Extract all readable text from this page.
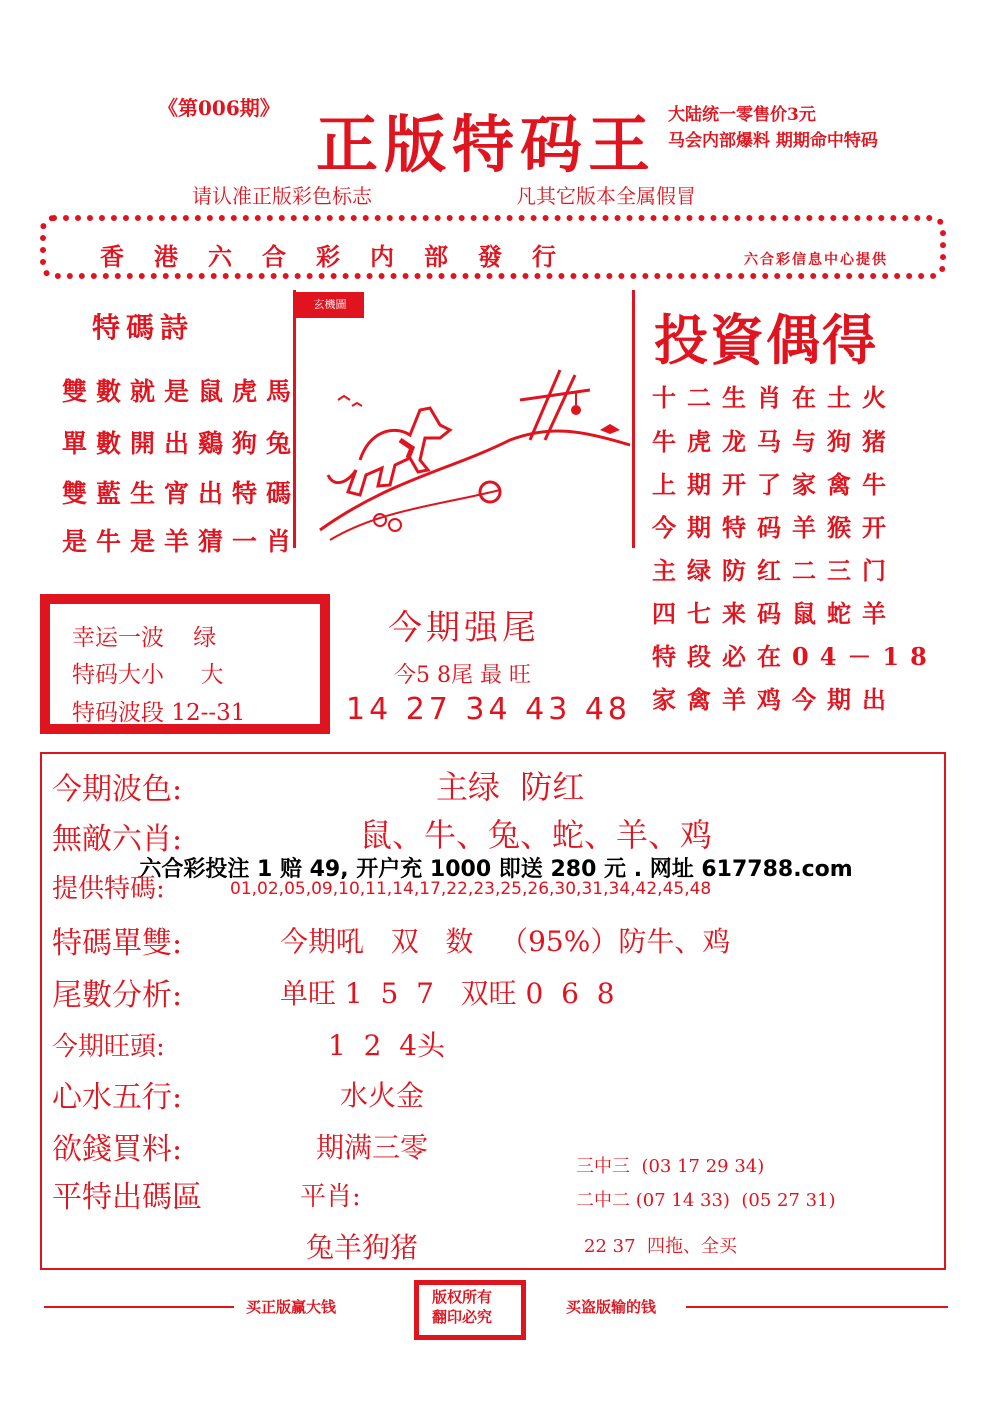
《第006期》 正版特码王 大陆统一零售价3元
马会内部爆料 期期命中特码
请认准正版彩色标志	凡其它版本全属假冒
香港六合彩内部發行	六合彩信息中心提供
特碼詩
雙數就是鼠虎馬
單數開出鷄狗兔
雙藍生宵出特碼
是牛是羊猜一肖
玄機圖
投資偶得
十二生肖在土火
牛虎龙马与狗猪
上期开了家禽牛
今期特码羊猴开
主绿防红二三门
四七来码鼠蛇羊
特段必在04－18
家禽羊鸡今期出
幸运一波    绿
特码大小     大
特码波段 12--31
今期强尾
今5 8尾 最 旺
14 27 34 43 48
今期波色:	主绿  防红
無敵六肖:	鼠、牛、兔、蛇、羊、鸡
六合彩投注 1 赔 49, 开户充 1000 即送 280 元 . 网址 617788.com
提供特碼:	01,02,05,09,10,11,14,17,22,23,25,26,30,31,34,42,45,48
特碼單雙:	今期吼   双   数   （95%）防牛、鸡
尾數分析:	单旺 1  5  7   双旺 0  6  8
今期旺頭:	1  2  4头
心水五行:	水火金
欲錢買料:	期满三零
平特出碼區	平肖:
兔羊狗猪
三中三  (03 17 29 34)
二中二 (07 14 33)  (05 27 31)
22 37  四拖、全买
买正版赢大钱
版权所有
翻印必究
买盗版输的钱
